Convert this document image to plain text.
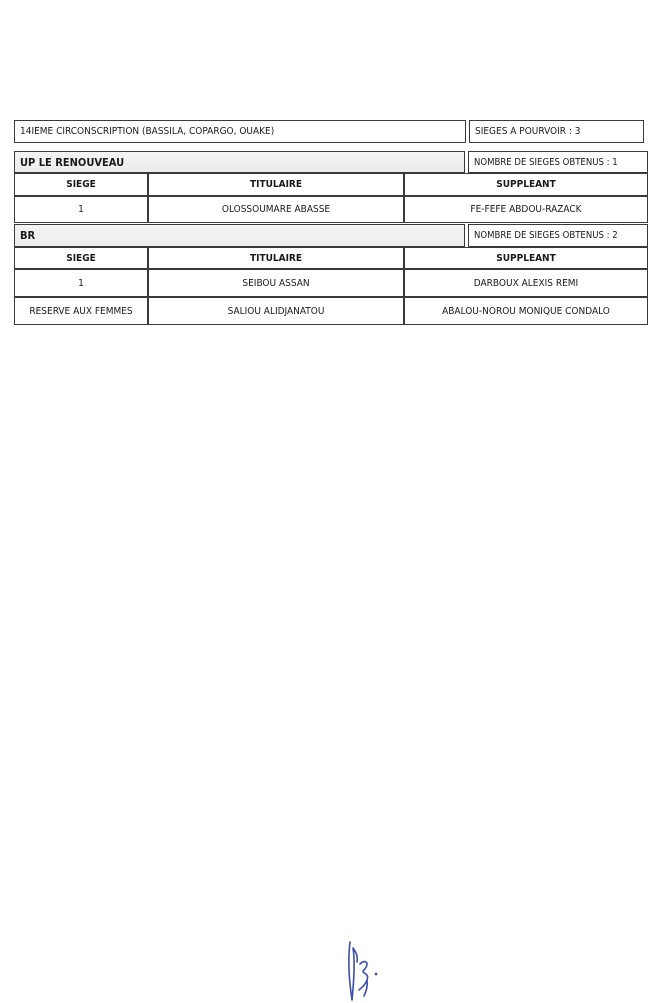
14IEME CIRCONSCRIPTION (BASSILA, COPARGO, OUAKE)	SIEGES A POURVOIR : 3
UP LE RENOUVEAU	NOMBRE DE SIEGES OBTENUS : 1
SIEGE	TITULAIRE	SUPPLEANT
1	OLOSSOUMARE ABASSE	FE-FEFE ABDOU-RAZACK
BR	NOMBRE DE SIEGES OBTENUS : 2
SIEGE	TITULAIRE	SUPPLEANT
1	SEIBOU ASSAN	DARBOUX ALEXIS REMI
RESERVE AUX FEMMES	SALIOU ALIDJANATOU	ABALOU-NOROU MONIQUE CONDALO
